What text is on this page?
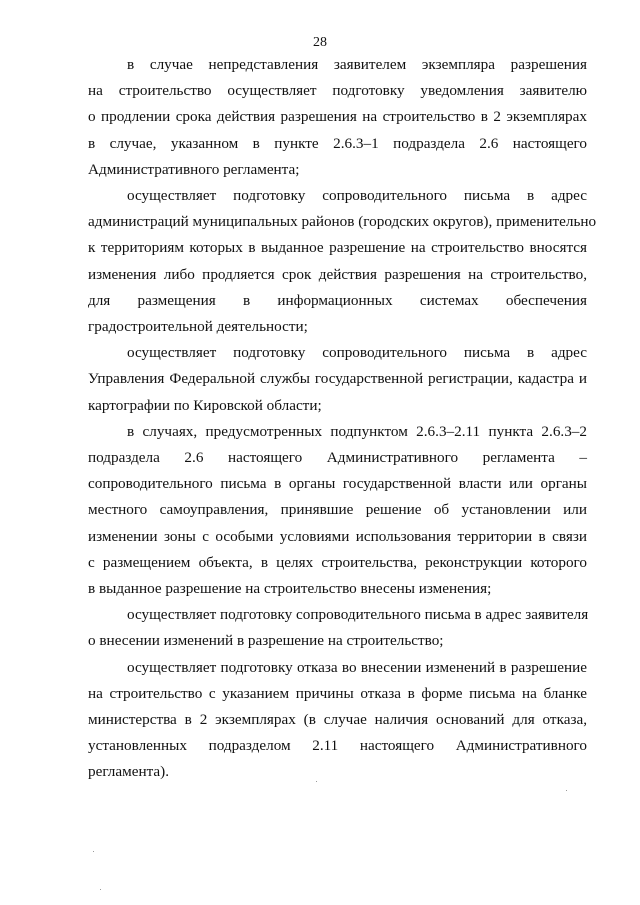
28
в случае непредставления заявителем экземпляра разрешения
на строительство осуществляет подготовку уведомления заявителю
о продлении срока действия разрешения на строительство в 2 экземплярах
в случае, указанном в пункте 2.6.3–1 подраздела 2.6 настоящего
Административного регламента;
осуществляет подготовку сопроводительного письма в адрес
администраций муниципальных районов (городских округов), применительно
к территориям которых в выданное разрешение на строительство вносятся
изменения либо продляется срок действия разрешения на строительство,
для размещения в информационных системах обеспечения
градостроительной деятельности;
осуществляет подготовку сопроводительного письма в адрес
Управления Федеральной службы государственной регистрации, кадастра и
картографии по Кировской области;
в случаях, предусмотренных подпунктом 2.6.3–2.11 пункта 2.6.3–2
подраздела 2.6 настоящего Административного регламента –
сопроводительного письма в органы государственной власти или органы
местного самоуправления, принявшие решение об установлении или
изменении зоны с особыми условиями использования территории в связи
с размещением объекта, в целях строительства, реконструкции которого
в выданное разрешение на строительство внесены изменения;
осуществляет подготовку сопроводительного письма в адрес заявителя
о внесении изменений в разрешение на строительство;
осуществляет подготовку отказа во внесении изменений в разрешение
на строительство с указанием причины отказа в форме письма на бланке
министерства в 2 экземплярах (в случае наличия оснований для отказа,
установленных подразделом 2.11 настоящего Административного
регламента).
